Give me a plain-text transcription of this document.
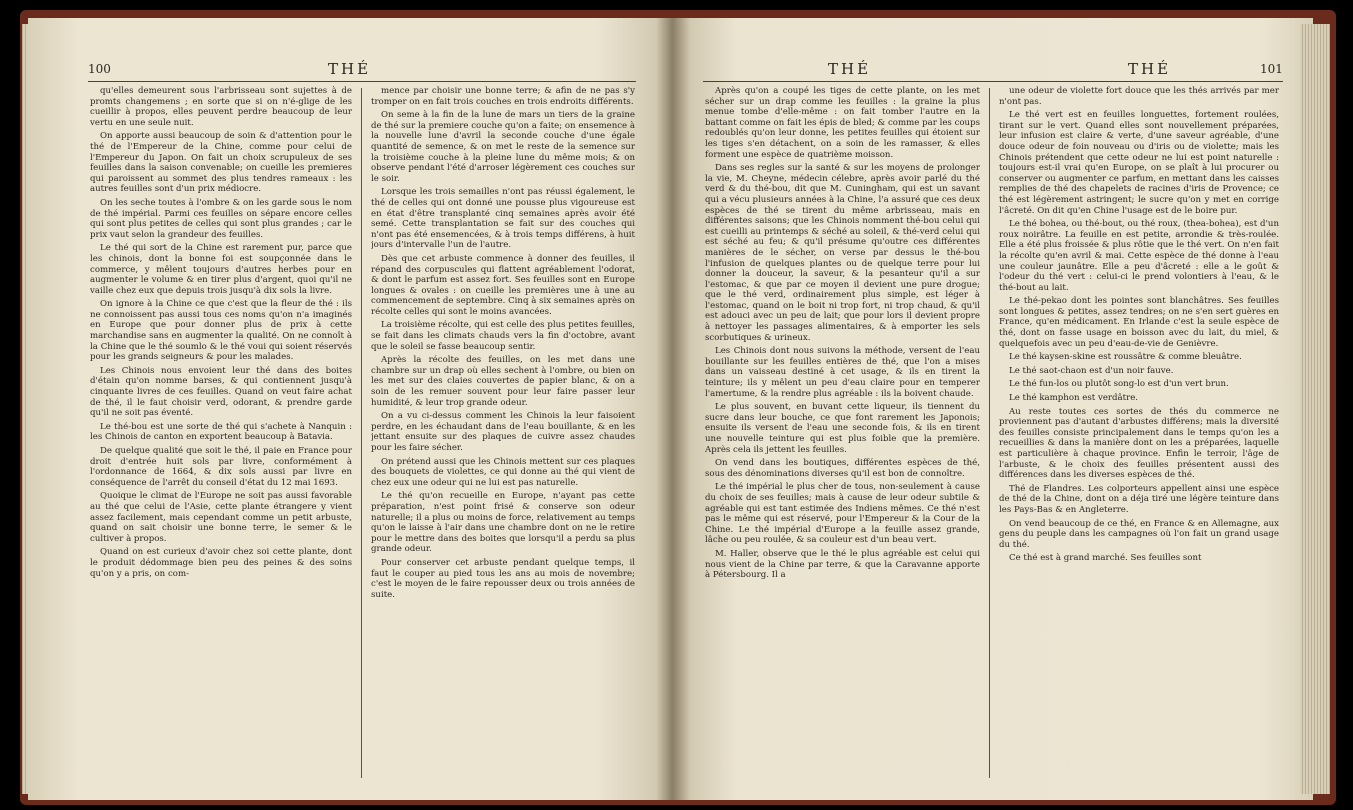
100	THÉ

qu'elles demeurent sous l'arbrisseau sont sujettes à de promts changemens ; en sorte que si on n'é-glige de les cueillir à propos, elles peuvent perdre beaucoup de leur vertu en une seule nuit.

On apporte aussi beaucoup de soin & d'attention pour le thé de l'Empereur de la Chine, comme pour celui de l'Empereur du Japon. On fait un choix scrupuleux de ses feuilles dans la saison convenable; on cueille les premieres qui paroissent au sommet des plus tendres rameaux : les autres feuilles sont d'un prix médiocre.

On les seche toutes à l'ombre & on les garde sous le nom de thé impérial. Parmi ces feuilles on sépare encore celles qui sont plus petites de celles qui sont plus grandes ; car le prix vaut selon la grandeur des feuilles.

Le thé qui sort de la Chine est rarement pur, parce que les chinois, dont la bonne foi est soupçonnée dans le commerce, y mêlent toujours d'autres herbes pour en augmenter le volume & en tirer plus d'argent, quoi qu'il ne vaille chez eux que depuis trois jusqu'à dix sols la livre.

On ignore à la Chine ce que c'est que la fleur de thé : ils ne connoissent pas aussi tous ces noms qu'on n'a imaginés en Europe que pour donner plus de prix à cette marchandise sans en augmenter la qualité. On ne connoît à la Chine que le thé soumlo & le thé voui qui soient réservés pour les grands seigneurs & pour les malades.

Les Chinois nous envoient leur thé dans des boites d'étain qu'on nomme barses, & qui contiennent jusqu'à cinquante livres de ces feuilles. Quand on veut faire achat de thé, il le faut choisir verd, odorant, & prendre garde qu'il ne soit pas éventé.

Le thé-bou est une sorte de thé qui s'achete à Nanquin : les Chinois de canton en exportent beaucoup à Batavia.

De quelque qualité que soit le thé, il paie en France pour droit d'entrée huit sols par livre, conformément à l'ordonnance de 1664, & dix sols aussi par livre en conséquence de l'arrêt du conseil d'état du 12 mai 1693.

Quoique le climat de l'Europe ne soit pas aussi favorable au thé que celui de l'Asie, cette plante étrangere y vient assez facilement, mais cependant comme un petit arbuste, quand on sait choisir une bonne terre, le semer & le cultiver à propos.

Quand on est curieux d'avoir chez soi cette plante, dont le produit dédommage bien peu des peines & des soins qu'on y a pris, on com-

mence par choisir une bonne terre; & afin de ne pas s'y tromper on en fait trois couches en trois endroits différents.

On seme à la fin de la lune de mars un tiers de la graine de thé sur la premiere couche qu'on a faite; on ensemence à la nouvelle lune d'avril la seconde couche d'une égale quantité de semence, & on met le reste de la semence sur la troisième couche à la pleine lune du même mois; & on observe pendant l'été d'arroser légèrement ces couches sur le soir.

Lorsque les trois semailles n'ont pas réussi également, le thé de celles qui ont donné une pousse plus vigoureuse est en état d'être transplanté cinq semaines après avoir été semé. Cette transplantation se fait sur des couches qui n'ont pas été ensemencées, & à trois temps différens, à huit jours d'intervalle l'un de l'autre.

Dès que cet arbuste commence à donner des feuilles, il répand des corpuscules qui flattent agréablement l'odorat, & dont le parfum est assez fort. Ses feuilles sont en Europe longues & ovales : on cueille les premières une à une au commencement de septembre. Cinq à six semaines après on récolte celles qui sont le moins avancées.

La troisième récolte, qui est celle des plus petites feuilles, se fait dans les climats chauds vers la fin d'octobre, avant que le soleil se fasse beaucoup sentir.

Après la récolte des feuilles, on les met dans une chambre sur un drap où elles sechent à l'ombre, ou bien on les met sur des claies couvertes de papier blanc, & on a soin de les remuer souvent pour leur faire passer leur humidité, & leur trop grande odeur.

On a vu ci-dessus comment les Chinois la leur faisoient perdre, en les échaudant dans de l'eau bouillante, & en les jettant ensuite sur des plaques de cuivre assez chaudes pour les faire sécher.

On prétend aussi que les Chinois mettent sur ces plaques des bouquets de violettes, ce qui donne au thé qui vient de chez eux une odeur qui ne lui est pas naturelle.

Le thé qu'on recueille en Europe, n'ayant pas cette préparation, n'est point frisé & conserve son odeur naturelle; il a plus ou moins de force, relativement au temps qu'on le laisse à l'air dans une chambre dont on ne le retire pour le mettre dans des boites que lorsqu'il a perdu sa plus grande odeur.

Pour conserver cet arbuste pendant quelque temps, il faut le couper au pied tous les ans au mois de novembre; c'est le moyen de le faire repousser deux ou trois années de suite.

THÉ	THÉ	101

Après qu'on a coupé les tiges de cette plante, on les met sécher sur un drap comme les feuilles : la graine la plus menue tombe d'elle-même : on fait tomber l'autre en la battant comme on fait les épis de bled; & comme par les coups redoublés qu'on leur donne, les petites feuilles qui étoient sur les tiges s'en détachent, on a soin de les ramasser, & elles forment une espèce de quatrième moisson.

Dans ses regles sur la santé & sur les moyens de prolonger la vie, M. Cheyne, médecin célebre, après avoir parlé du thé verd & du thé-bou, dit que M. Cuningham, qui est un savant qui a vécu plusieurs années à la Chine, l'a assuré que ces deux espèces de thé se tirent du même arbrisseau, mais en différentes saisons; que les Chinois nomment thé-bou celui qui est cueilli au printemps & séché au soleil, & thé-verd celui qui est séché au feu; & qu'il présume qu'outre ces différentes manières de le sécher, on verse par dessus le thé-bou l'infusion de quelques plantes ou de quelque terre pour lui donner la douceur, la saveur, & la pesanteur qu'il a sur l'estomac, & que par ce moyen il devient une pure drogue; que le thé verd, ordinairement plus simple, est léger à l'estomac, quand on le boit ni trop fort, ni trop chaud, & qu'il est adouci avec un peu de lait; que pour lors il devient propre à nettoyer les passages alimentaires, & à emporter les sels scorbutiques & urineux.

Les Chinois dont nous suivons la méthode, versent de l'eau bouillante sur les feuilles entières de thé, que l'on a mises dans un vaisseau destiné à cet usage, & ils en tirent la teinture; ils y mêlent un peu d'eau claire pour en temperer l'amertume, & la rendre plus agréable : ils la boivent chaude.

Le plus souvent, en buvant cette liqueur, ils tiennent du sucre dans leur bouche, ce que font rarement les Japonois; ensuite ils versent de l'eau une seconde fois, & ils en tirent une nouvelle teinture qui est plus foible que la première. Après cela ils jettent les feuilles.

On vend dans les boutiques, différentes espèces de thé, sous des dénominations diverses qu'il est bon de connoître.

Le thé impérial le plus cher de tous, non-seulement à cause du choix de ses feuilles; mais à cause de leur odeur subtile & agréable qui est tant estimée des Indiens mêmes. Ce thé n'est pas le même qui est réservé, pour l'Empereur & la Cour de la Chine. Le thé impérial d'Europe a la feuille assez grande, lâche ou peu roulée, & sa couleur est d'un beau vert.

M. Haller, observe que le thé le plus agréable est celui qui nous vient de la Chine par terre, & que la Caravanne apporte à Pétersbourg. Il a

une odeur de violette fort douce que les thés arrivés par mer n'ont pas.

Le thé vert est en feuilles longuettes, fortement roulées, tirant sur le vert. Quand elles sont nouvellement préparées, leur infusion est claire & verte, d'une saveur agréable, d'une douce odeur de foin nouveau ou d'iris ou de violette; mais les Chinois prétendent que cette odeur ne lui est point naturelle : toujours est-il vrai qu'en Europe, on se plaît à lui procurer ou conserver ou augmenter ce parfum, en mettant dans les caisses remplies de thé des chapelets de racines d'iris de Provence; ce thé est légèrement astringent; le sucre qu'on y met en corrige l'âcreté. On dit qu'en Chine l'usage est de le boire pur.

Le thé bohea, ou thé-bout, ou thé roux, (thea-bohea), est d'un roux noirâtre. La feuille en est petite, arrondie & très-roulée. Elle a été plus froissée & plus rôtie que le thé vert. On n'en fait la récolte qu'en avril & mai. Cette espèce de thé donne à l'eau une couleur jaunâtre. Elle a peu d'âcreté : elle a le goût & l'odeur du thé vert : celui-ci le prend volontiers à l'eau, & le thé-bout au lait.

Le thé-pekao dont les pointes sont blanchâtres. Ses feuilles sont longues & petites, assez tendres; on ne s'en sert guères en France, qu'en médicament. En Irlande c'est la seule espèce de thé, dont on fasse usage en boisson avec du lait, du miel, & quelquefois avec un peu d'eau-de-vie de Genièvre.

Le thé kaysen-skine est roussâtre & comme bleuâtre.

Le thé saot-chaon est d'un noir fauve.

Le thé fun-los ou plutôt song-lo est d'un vert brun.

Le thé kamphon est verdâtre.

Au reste toutes ces sortes de thés du commerce ne proviennent pas d'autant d'arbustes différens; mais la diversité des feuilles consiste principalement dans le temps qu'on les a recueillies & dans la manière dont on les a préparées, laquelle est particulière à chaque province. Enfin le terroir, l'âge de l'arbuste, & le choix des feuilles présentent aussi des différences dans les diverses espèces de thé.

Thé de Flandres. Les colporteurs appellent ainsi une espèce de thé de la Chine, dont on a déja tiré une légère teinture dans les Pays-Bas & en Angleterre.

On vend beaucoup de ce thé, en France & en Allemagne, aux gens du peuple dans les campagnes où l'on fait un grand usage du thé.

Ce thé est à grand marché. Ses feuilles sont
